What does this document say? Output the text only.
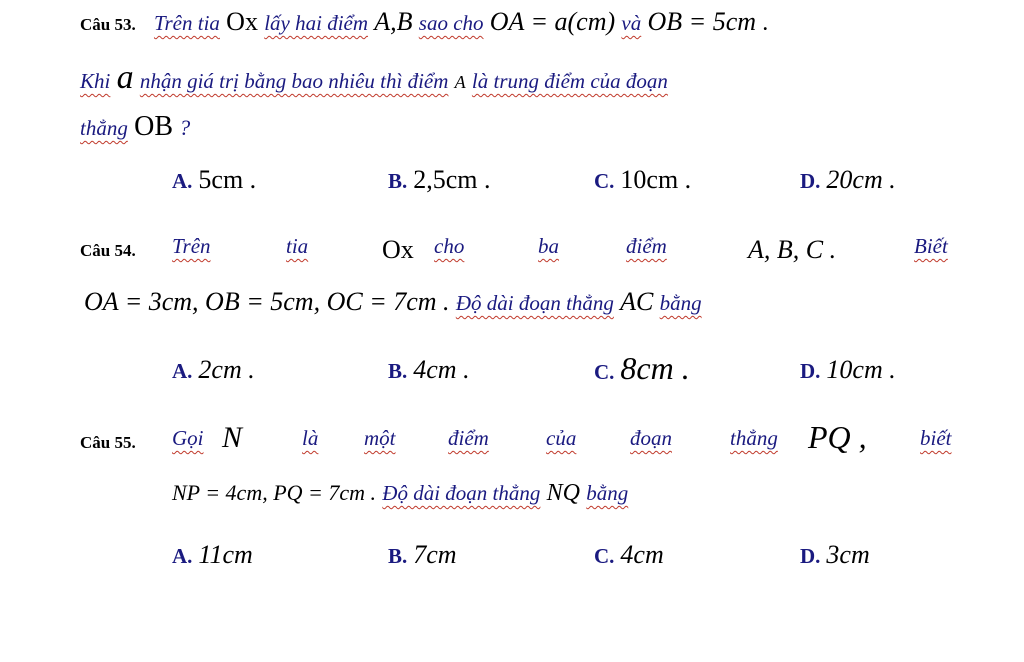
Câu 53. Trên tia Ox lấy hai điểm A,B sao cho OA = a(cm) và OB = 5cm .
Khi a nhận giá trị bằng bao nhiêu thì điểm A là trung điểm của đoạn
thẳng OB ?
A. 5cm .	B. 2,5cm .	C. 10cm .	D. 20cm .
Câu 54. Trên	tia	Ox cho	ba	điểm	A, B, C .	Biết
OA = 3cm, OB = 5cm, OC = 7cm . Độ dài đoạn thẳng AC bằng
A. 2cm .	B. 4cm .	C. 8cm .	D. 10cm .
Câu 55. Gọi N	là một	điểm	của	đoạn	thẳng PQ ,	biết
NP = 4cm, PQ = 7cm . Độ dài đoạn thẳng NQ bằng
A. 11cm	B. 7cm	C. 4cm	D. 3cm
